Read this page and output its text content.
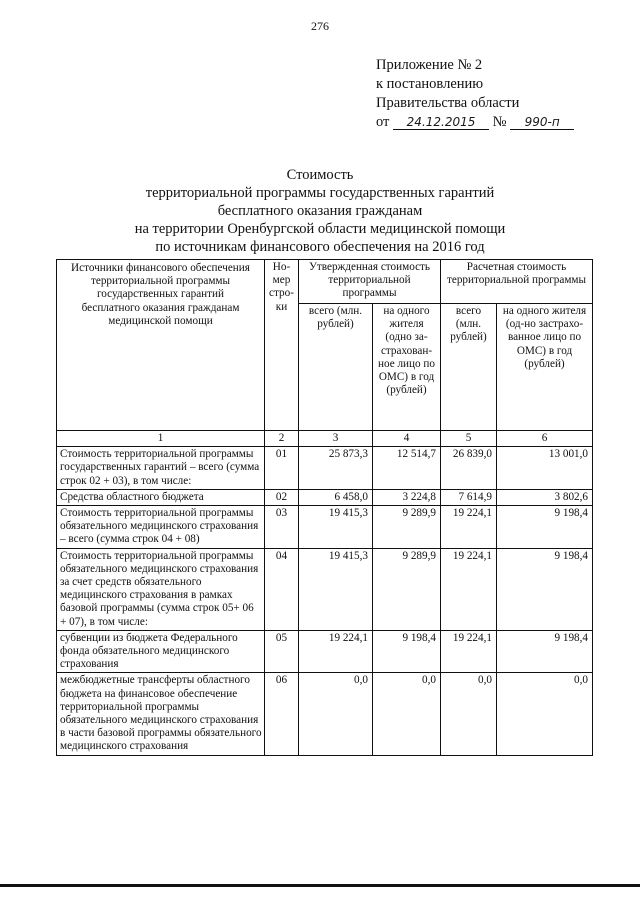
276
Приложение № 2
к постановлению
Правительства области
от 24.12.2015 № 990-п
Стоимость
территориальной программы государственных гарантий
бесплатного оказания гражданам
на территории Оренбургской области медицинской помощи
по источникам финансового обеспечения на 2016 год
Источники финансового обеспечения территориальной программы государственных гарантий бесплатного оказания гражданам медицинской помощи	Но-мер стро-ки	Утвержденная стоимость территориальной программы		Расчетная стоимость территориальной программы	
		всего (млн. рублей)	на одного жителя (одно за-страхован-ное лицо по ОМС) в год (рублей)	всего (млн. рублей)	на одного жителя (од-но застрахо-ванное лицо по ОМС) в год (рублей)
1	2	3	4	5	6
Стоимость территориальной программы государственных гарантий – всего (сумма строк 02 + 03), в том числе:	01	25 873,3	12 514,7	26 839,0	13 001,0
Средства областного бюджета	02	6 458,0	3 224,8	7 614,9	3 802,6
Стоимость территориальной программы обязательного медицинского страхования – всего (сумма строк 04 + 08)	03	19 415,3	9 289,9	19 224,1	9 198,4
Стоимость территориальной программы обязательного медицинского страхования за счет средств обязательного медицинского страхования в рамках базовой программы (сумма строк 05+ 06 + 07), в том числе:	04	19 415,3	9 289,9	19 224,1	9 198,4
субвенции из бюджета Федерального фонда обязательного медицинского страхования	05	19 224,1	9 198,4	19 224,1	9 198,4
межбюджетные трансферты областного бюджета на финансовое обеспечение территориальной программы обязательного медицинского страхования в части базовой программы обязательного медицинского страхования	06	0,0	0,0	0,0	0,0
